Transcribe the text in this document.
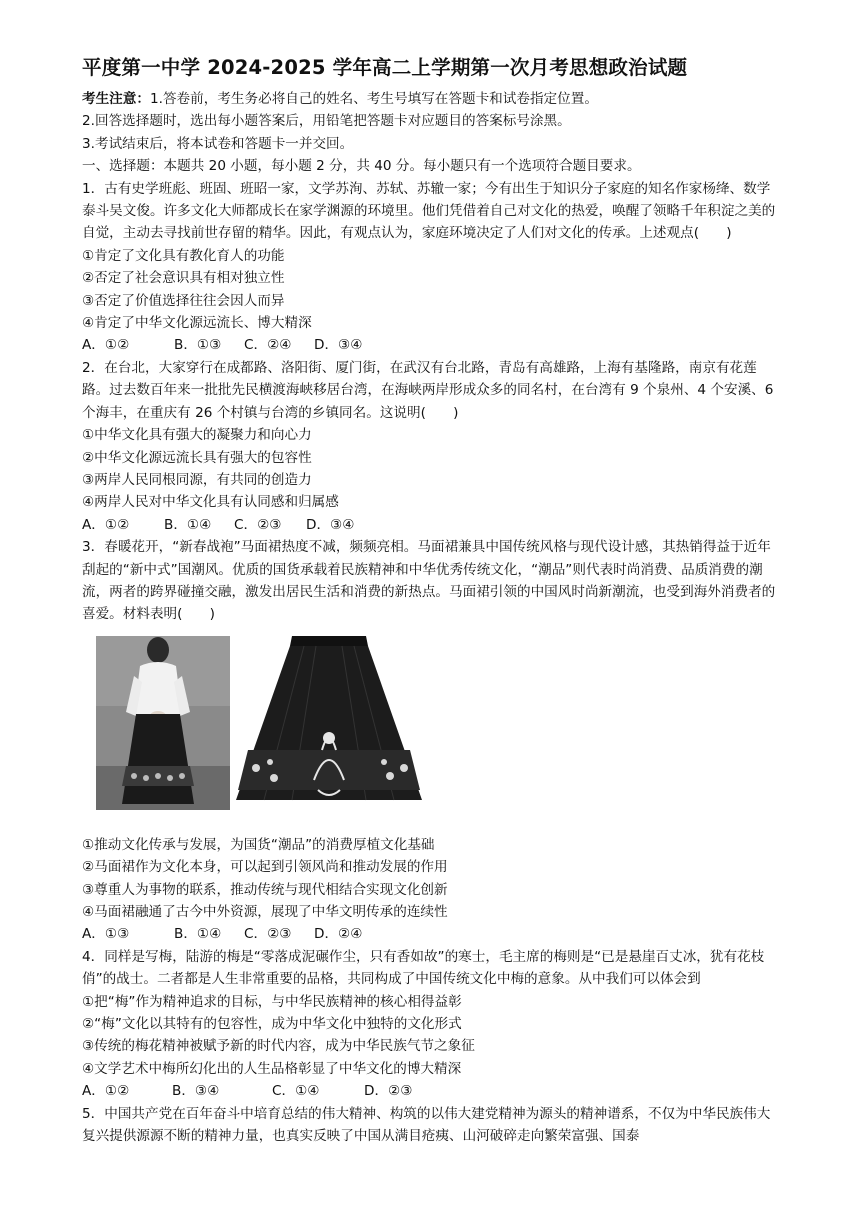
平度第一中学 2024-2025 学年高二上学期第一次月考思想政治试题

考生注意：1.答卷前，考生务必将自己的姓名、考生号填写在答题卡和试卷指定位置。

2.回答选择题时，选出每小题答案后，用铅笔把答题卡对应题目的答案标号涂黑。

3.考试结束后，将本试卷和答题卡一并交回。

一、选择题：本题共 20 小题，每小题 2 分，共 40 分。每小题只有一个选项符合题目要求。

1．古有史学班彪、班固、班昭一家，文学苏洵、苏轼、苏辙一家；今有出生于知识分子家庭的知名作家杨绛、数学泰斗吴文俊。许多文化大师都成长在家学渊源的环境里。他们凭借着自己对文化的热爱，唤醒了领略千年积淀之美的自觉，主动去寻找前世存留的精华。因此，有观点认为，家庭环境决定了人们对文化的传承。上述观点(　　)

①肯定了文化具有教化育人的功能

②否定了社会意识具有相对独立性

③否定了价值选择往往会因人而异

④肯定了中华文化源远流长、博大精深

A．①②	B．①③ C．②④ D．③④

2．在台北，大家穿行在成都路、洛阳街、厦门街，在武汉有台北路，青岛有高雄路，上海有基隆路，南京有花莲路。过去数百年来一批批先民横渡海峡移居台湾，在海峡两岸形成众多的同名村，在台湾有 9 个泉州、4 个安溪、6 个海丰，在重庆有 26 个村镇与台湾的乡镇同名。这说明(　　)

①中华文化具有强大的凝聚力和向心力

②中华文化源远流长具有强大的包容性

③两岸人民同根同源，有共同的创造力

④两岸人民对中华文化具有认同感和归属感

A．①②	B．①④ C．②③ D．③④

3．春暖花开，“新春战袍”马面裙热度不减，频频亮相。马面裙兼具中国传统风格与现代设计感，其热销得益于近年刮起的“新中式”国潮风。优质的国货承载着民族精神和中华优秀传统文化，“潮品”则代表时尚消费、品质消费的潮流，两者的跨界碰撞交融，激发出居民生活和消费的新热点。马面裙引领的中国风时尚新潮流，也受到海外消费者的喜爱。材料表明(　　)

①推动文化传承与发展，为国货“潮品”的消费厚植文化基础

②马面裙作为文化本身，可以起到引领风尚和推动发展的作用

③尊重人为事物的联系，推动传统与现代相结合实现文化创新

④马面裙融通了古今中外资源，展现了中华文明传承的连续性

A．①③	B．①④ C．②③ D．②④

4．同样是写梅，陆游的梅是“零落成泥碾作尘，只有香如故”的寒士，毛主席的梅则是“已是悬崖百丈冰，犹有花枝俏”的战士。二者都是人生非常重要的品格，共同构成了中国传统文化中梅的意象。从中我们可以体会到

①把“梅”作为精神追求的目标，与中华民族精神的核心相得益彰

②“梅”文化以其特有的包容性，成为中华文化中独特的文化形式

③传统的梅花精神被赋予新的时代内容，成为中华民族气节之象征

④文学艺术中梅所幻化出的人生品格彰显了中华文化的博大精深

A．①②	B．③④	C．①④	D．②③

5．中国共产党在百年奋斗中培育总结的伟大精神、构筑的以伟大建党精神为源头的精神谱系，不仅为中华民族伟大复兴提供源源不断的精神力量，也真实反映了中国从满目疮痍、山河破碎走向繁荣富强、国泰
